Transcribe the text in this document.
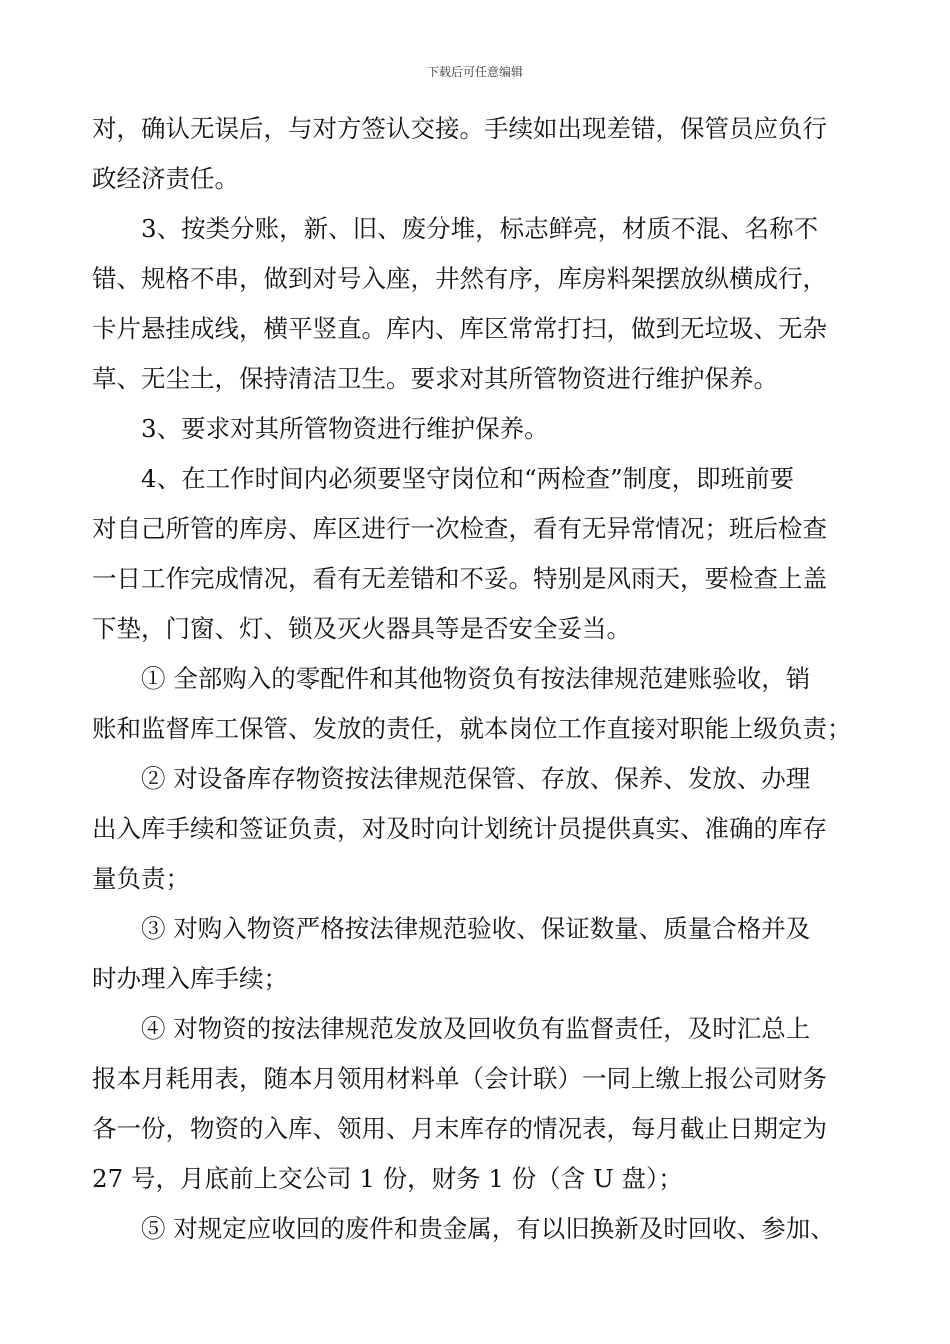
下载后可任意编辑
对，确认无误后，与对方签认交接。手续如出现差错，保管员应负行
政经济责任。
3、按类分账，新、旧、废分堆，标志鲜亮，材质不混、名称不
错、规格不串，做到对号入座，井然有序，库房料架摆放纵横成行，
卡片悬挂成线，横平竖直。库内、库区常常打扫，做到无垃圾、无杂
草、无尘土，保持清洁卫生。要求对其所管物资进行维护保养。
3、要求对其所管物资进行维护保养。
4、在工作时间内必须要坚守岗位和“两检查”制度，即班前要
对自己所管的库房、库区进行一次检查，看有无异常情况；班后检查
一日工作完成情况，看有无差错和不妥。特别是风雨天，要检查上盖
下垫，门窗、灯、锁及灭火器具等是否安全妥当。
① 全部购入的零配件和其他物资负有按法律规范建账验收，销
账和监督库工保管、发放的责任，就本岗位工作直接对职能上级负责；
② 对设备库存物资按法律规范保管、存放、保养、发放、办理
出入库手续和签证负责，对及时向计划统计员提供真实、准确的库存
量负责；
③ 对购入物资严格按法律规范验收、保证数量、质量合格并及
时办理入库手续；
④ 对物资的按法律规范发放及回收负有监督责任，及时汇总上
报本月耗用表，随本月领用材料单（会计联）一同上缴上报公司财务
各一份，物资的入库、领用、月末库存的情况表，每月截止日期定为
27 号，月底前上交公司 1 份，财务 1 份（含 U 盘）；
⑤ 对规定应收回的废件和贵金属，有以旧换新及时回收、参加、
